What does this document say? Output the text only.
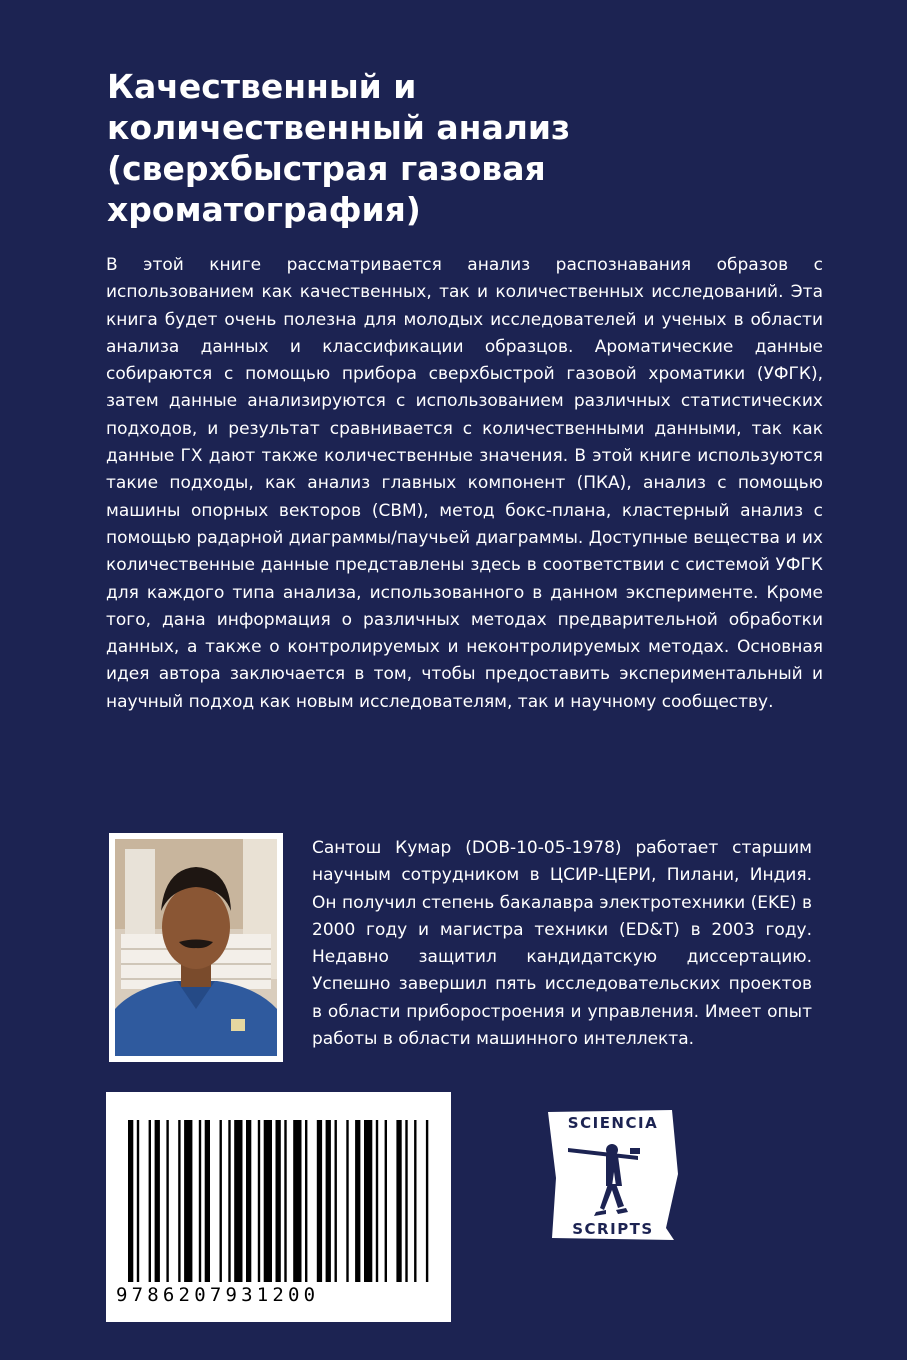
Качественный и
количественный анализ
(сверхбыстрая газовая
хроматография)

В этой книге рассматривается анализ распознавания образов с использованием как качественных, так и количественных исследований. Эта книга будет очень полезна для молодых исследователей и ученых в области анализа данных и классификации образцов. Ароматические данные собираются с помощью прибора сверхбыстрой газовой хроматики (УФГК), затем данные анализируются с использованием различных статистических подходов, и результат сравнивается с количественными данными, так как данные ГХ дают также количественные значения. В этой книге используются такие подходы, как анализ главных компонент (ПКА), анализ с помощью машины опорных векторов (СВМ), метод бокс-плана, кластерный анализ с помощью радарной диаграммы/паучьей диаграммы. Доступные вещества и их количественные данные представлены здесь в соответствии с системой УФГК для каждого типа анализа, использованного в данном эксперименте. Кроме того, дана информация о различных методах предварительной обработки данных, а также о контролируемых и неконтролируемых методах. Основная идея автора заключается в том, чтобы предоставить экспериментальный и научный подход как новым исследователям, так и научному сообществу.

Сантош Кумар (DOB-10-05-1978) работает старшим научным сотрудником в ЦСИР-ЦЕРИ, Пилани, Индия. Он получил степень бакалавра электротехники (EKE) в 2000 году и магистра техники (ED&T) в 2003 году. Недавно защитил кандидатскую диссертацию. Успешно завершил пять исследовательских проектов в области приборостроения и управления. Имеет опыт работы в области машинного интеллекта.

9786207931200
SCIENCIA
SCRIPTS
